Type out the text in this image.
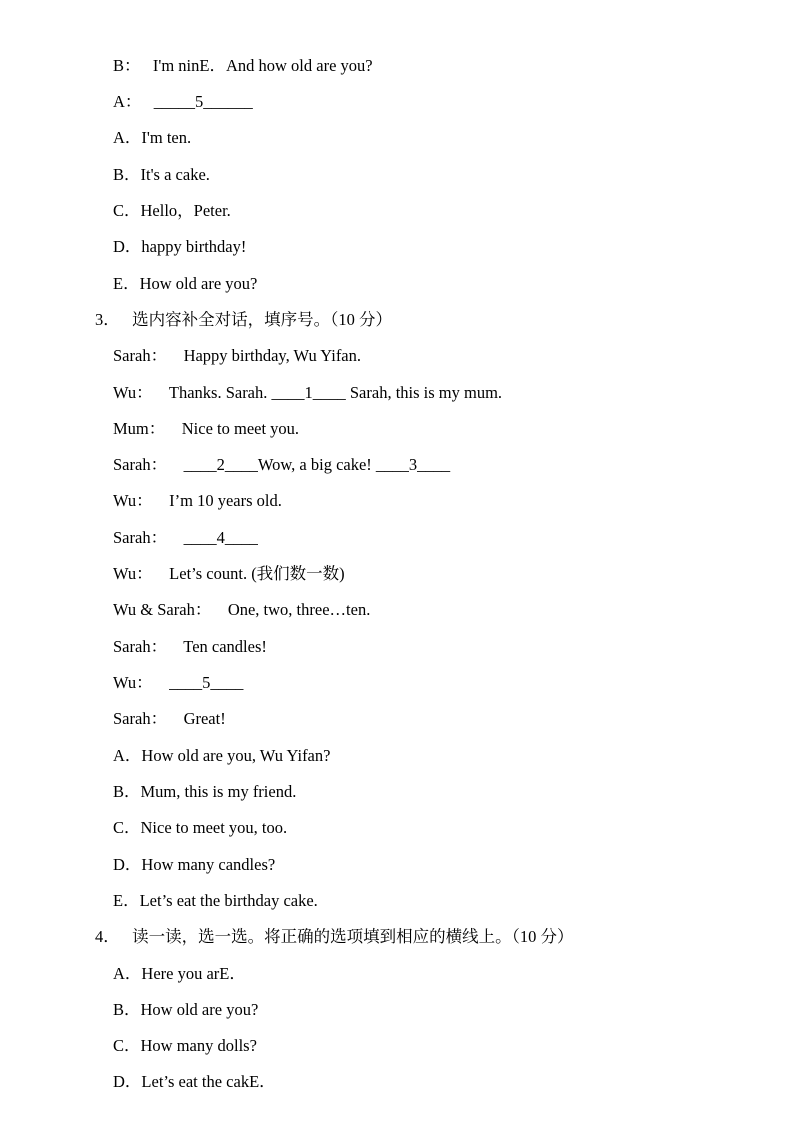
B：   I'm ninE．And how old are you?
A：   _____5______
A．I'm ten.
B．It's a cake.
C．Hello，Peter.
D．happy birthday!
E．How old are you?
3．   选内容补全对话，填序号。（10 分）
Sarah：    Happy birthday, Wu Yifan.
Wu：    Thanks. Sarah. ____1____ Sarah, this is my mum.
Mum：    Nice to meet you.
Sarah：    ____2____Wow, a big cake! ____3____
Wu：    I’m 10 years old.
Sarah：    ____4____
Wu：    Let’s count. (我们数一数)
Wu & Sarah：    One, two, three…ten.
Sarah：    Ten candles!
Wu：    ____5____
Sarah：    Great!
A．How old are you, Wu Yifan?
B．Mum, this is my friend.
C．Nice to meet you, too.
D．How many candles?
E．Let’s eat the birthday cake.
4．   读一读，选一选。将正确的选项填到相应的横线上。（10 分）
A．Here you arE．
B．How old are you?
C．How many dolls?
D．Let’s eat the cakE．
